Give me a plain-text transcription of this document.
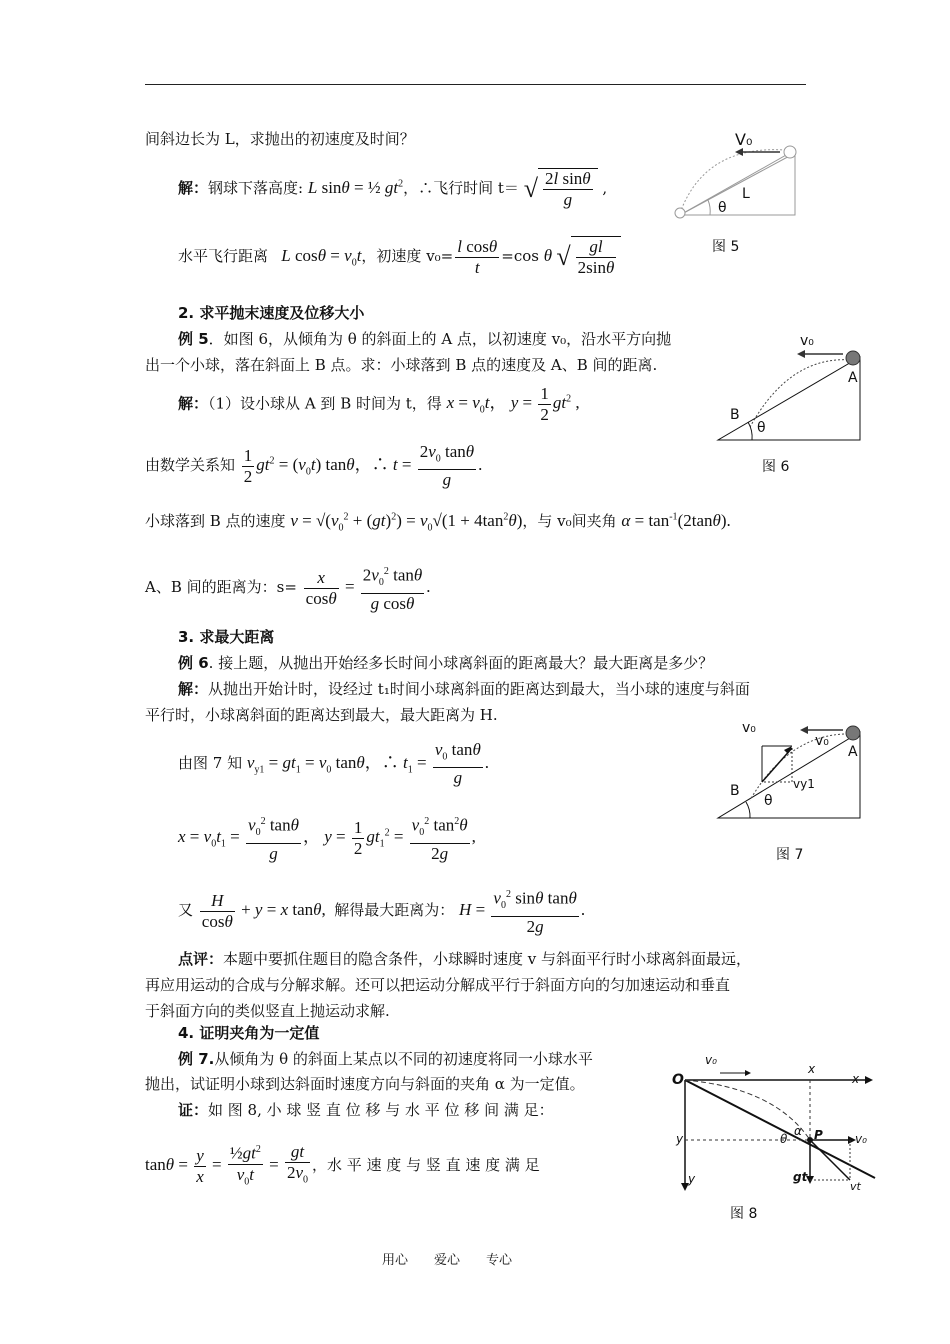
间斜边长为 L，求抛出的初速度及时间？
解：钢球下落高度: L sinθ = ½ $gt^2$，∴飞行时间 t＝ √ $\frac{\text{2l sinθ}}{g}$ ,
水平飞行距离 L $\cos\theta = v_0t$，初速度 $v_0= \frac{\text{l cosθ}}{t} =\cos$ θ √ $\frac{gl}{2\sin\theta}$
V₀
L
θ
图 5
2. 求平抛末速度及位移大小
例 5．如图 6，从倾角为 θ 的斜面上的 A 点，以初速度 v₀，沿水平方向抛
出一个小球，落在斜面上 B 点。求：小球落到 B 点的速度及 A、B 间的距离.
解：（1）设小球从 A 到 B 时间为 t，得 $x = v_0t$， $y = \frac{1}{2} gt^2$ ,
由数学关系知 $\frac{1}{2} gt^2 = (v_0t)$ tanθ，∴ $t = \frac{2v_0 \tan\theta}{g}$ .
小球落到 B 点的速度 $v = √(v_0^2 + (gt)^2) = v_0√(1 + 4\tan^2\theta)$，与 v₀间夹角 $\alpha = \tan^{-1}(2\tan\theta)$.
A、B 间的距离为：$s= \frac{x}{\cos\theta} = \frac{2v_0^2 \tan\theta}{\text{g cosθ}}$ .
v₀
A
B
θ
图 6
3. 求最大距离
例 6. 接上题，从抛出开始经多长时间小球离斜面的距离最大？最大距离是多少？
解：从抛出开始计时，设经过 t₁时间小球离斜面的距离达到最大，当小球的速度与斜面
平行时，小球离斜面的距离达到最大，最大距离为 H.
由图 7 知 $v_{y1} = gt_1 = v_0$ tanθ，∴ $t_1 = \frac{v_0 \tan\theta}{g}$ .
$x = v_0t_1 = \frac{v_0^2 \tan\theta}{g}$ ， $y = \frac{1}{2} gt_1^2 = \frac{v_0^2 \tan^2\theta}{2g}$ ,
又 $\frac{H}{\cos\theta} + y = x$ tanθ,  解得最大距离为： $H = \frac{v_0^2 \sin\theta \tan\theta}{2g}$ .
点评：本题中要抓住题目的隐含条件，小球瞬时速度 v 与斜面平行时小球离斜面最远，
再应用运动的合成与分解求解。还可以把运动分解成平行于斜面方向的匀加速运动和垂直
于斜面方向的类似竖直上抛运动求解.
v₀
v₀
A
vy1
B
θ
图 7
4. 证明夹角为一定值
例 7.从倾角为 θ 的斜面上某点以不同的初速度将同一小球水平
抛出，试证明小球到达斜面时速度方向与斜面的夹角 α 为一定值。
证：如 图 8, 小 球 竖 直 位 移 与 水 平 位 移 间 满 足：
$\tan\theta = \frac{y}{x} = \frac{\frac{1}{2}gt^2}{v_0t} = \frac{gt}{2v_0}$ ，水 平 速 度 与 竖 直 速 度 满 足
O
v₀
x
x
y
y
α
θ P	v₀
gt
vt
图 8
用心　　爱心　　专心
